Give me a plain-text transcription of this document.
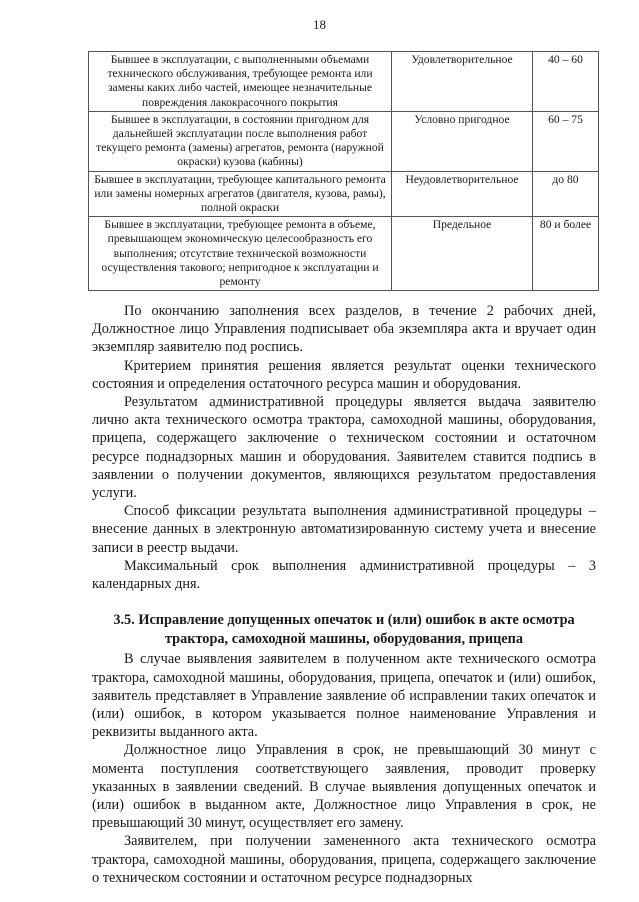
18
Бывшее в эксплуатации, с выполненными объемами технического обслуживания, требующее ремонта или замены каких либо частей, имеющее незначительные повреждения лакокрасочного покрытия	Удовлетворительное	40 – 60
Бывшее в эксплуатации, в состоянии пригодном для дальнейшей эксплуатации после выполнения работ текущего ремонта (замены) агрегатов, ремонта (наружной окраски) кузова (кабины)	Условно пригодное	60 – 75
Бывшее в эксплуатации, требующее капитального ремонта или замены номерных агрегатов (двигателя, кузова, рамы), полной окраски	Неудовлетворительное	до 80
Бывшее в эксплуатации, требующее ремонта в объеме, превышающем экономическую целесообразность его выполнения; отсутствие технической возможности осуществления такового; непригодное к эксплуатации и ремонту	Предельное	80 и более

По окончанию заполнения всех разделов, в течение 2 рабочих дней, Должностное лицо Управления подписывает оба экземпляра акта и вручает один экземпляр заявителю под роспись.

Критерием принятия решения является результат оценки технического состояния и определения остаточного ресурса машин и оборудования.

Результатом административной процедуры является выдача заявителю лично акта технического осмотра трактора, самоходной машины, оборудования, прицепа, содержащего заключение о техническом состоянии и остаточном ресурсе поднадзорных машин и оборудования. Заявителем ставится подпись в заявлении о получении документов, являющихся результатом предоставления услуги.

Способ фиксации результата выполнения административной процедуры – внесение данных в электронную автоматизированную систему учета и внесение записи в реестр выдачи.

Максимальный срок выполнения административной процедуры – 3 календарных дня.

3.5. Исправление допущенных опечаток и (или) ошибок в акте осмотра трактора, самоходной машины, оборудования, прицепа

В случае выявления заявителем в полученном акте технического осмотра трактора, самоходной машины, оборудования, прицепа, опечаток и (или) ошибок, заявитель представляет в Управление заявление об исправлении таких опечаток и (или) ошибок, в котором указывается полное наименование Управления и реквизиты выданного акта.

Должностное лицо Управления в срок, не превышающий 30 минут с момента поступления соответствующего заявления, проводит проверку указанных в заявлении сведений. В случае выявления допущенных опечаток и (или) ошибок в выданном акте, Должностное лицо Управления в срок, не превышающий 30 минут, осуществляет его замену.

Заявителем, при получении замененного акта технического осмотра трактора, самоходной машины, оборудования, прицепа, содержащего заключение о техническом состоянии и остаточном ресурсе поднадзорных
